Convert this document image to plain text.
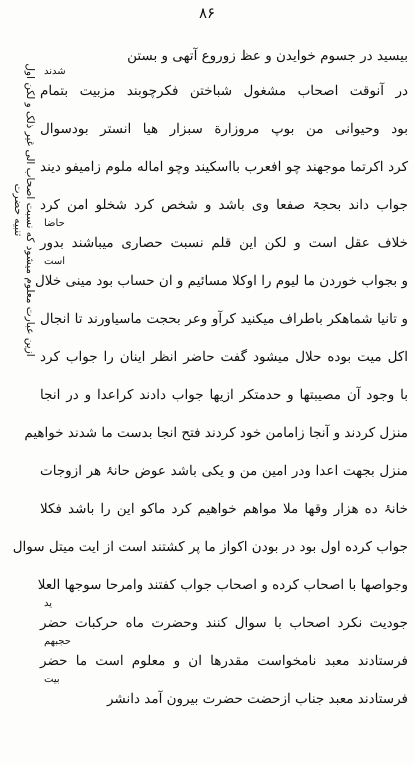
۸۶
ازین عبارت معلوم میشود که نسبت اصحاب الی غیر ذلک و لکن اول تنبیه حضرت
بیسید در جسوم خوایدن و عظ زوروع آتهی و بستن
در آنوقت اصحاب مشغول شباختن فکرچوبند مزبیت بتمام
شدند
بود وحیوانی من بوپ مروزارة سبزار هیا انستر بودسوال
کرد اکرتما موجهند چو افعرب بااسکیند وچو اماله ملوم زامیفو دیند
جواب داند بحجۃ صفعا وی باشد و شخص کرد شخلو امن کرد
خلاف عقل است و لکن این قلم نسبت حصاری میباشند بدور
حاضا
و بجواب خوردن ما لیوم را اوکلا مسائیم و ان حساب بود مینی خلال
است
و تانیا شماهکر باطراف میکنید کرآو وعر بحجت ماسیاورند تا انجال
اکل میت بوده حلال میشود گفت حاضر انظر اینان را جواب کرد
با وجود آن مصیبتها و حدمتکر ازیها جواب دادند کراعدا و در انجا
منزل کردند و آنجا زامامن خود کردند فتح انجا بدست ما شدند خواهیم
منزل بجهت اعدا ودر امین من و یکی باشد عوض حانۂ هر ازوجات
خانۂ ده هزار وقها ملا مواهم خواهیم کرد ماکو این را باشد فکلا
جواب کرده اول بود در بودن اکواز ما پر کشتند است از ایت میتل سوال
وجواصها با اصحاب کرده و اصحاب جواب کفتند وامرحا سوجها العلا
جودیت نکرد اصحاب با سوال کنند وحضرت ماه حرکبات حضر
ید
فرستادند معبد نامخواست مقدرها ان و معلوم است ما حضر
حجبهم
فرستادند معبد جناب ازحضت حضرت بیرون آمد دانشر
بیت
